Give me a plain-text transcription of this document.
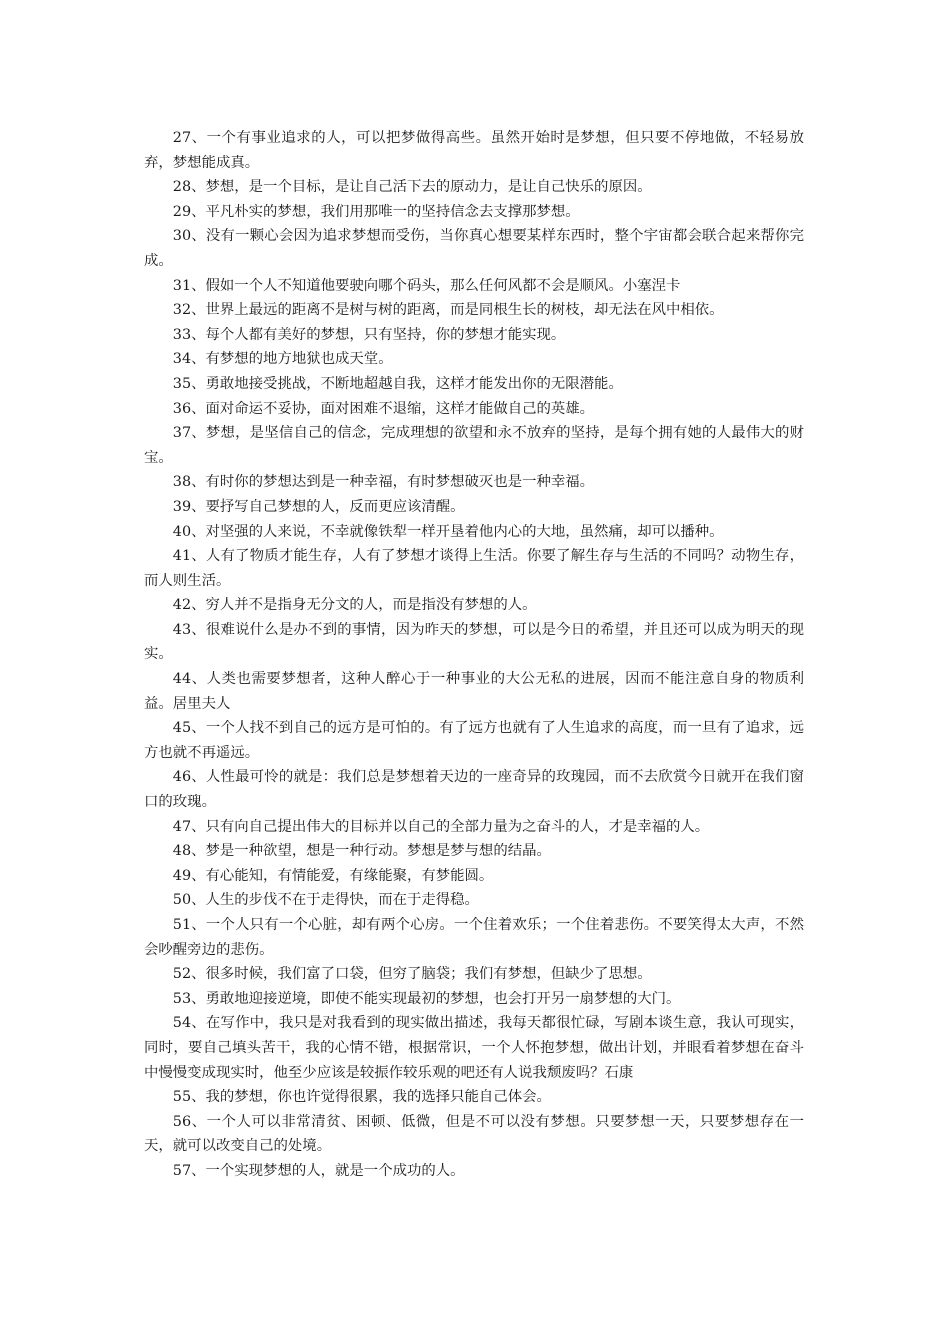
27、一个有事业追求的人，可以把梦做得高些。虽然开始时是梦想，但只要不停地做，不轻易放弃，梦想能成真。

28、梦想，是一个目标，是让自己活下去的原动力，是让自己快乐的原因。

29、平凡朴实的梦想，我们用那唯一的坚持信念去支撑那梦想。

30、没有一颗心会因为追求梦想而受伤，当你真心想要某样东西时，整个宇宙都会联合起来帮你完成。

31、假如一个人不知道他要驶向哪个码头，那么任何风都不会是顺风。小塞涅卡

32、世界上最远的距离不是树与树的距离，而是同根生长的树枝，却无法在风中相依。

33、每个人都有美好的梦想，只有坚持，你的梦想才能实现。

34、有梦想的地方地狱也成天堂。

35、勇敢地接受挑战，不断地超越自我，这样才能发出你的无限潜能。

36、面对命运不妥协，面对困难不退缩，这样才能做自己的英雄。

37、梦想，是坚信自己的信念，完成理想的欲望和永不放弃的坚持，是每个拥有她的人最伟大的财宝。

38、有时你的梦想达到是一种幸福，有时梦想破灭也是一种幸福。

39、要抒写自己梦想的人，反而更应该清醒。

40、对坚强的人来说，不幸就像铁犁一样开垦着他内心的大地，虽然痛，却可以播种。

41、人有了物质才能生存，人有了梦想才谈得上生活。你要了解生存与生活的不同吗？动物生存，而人则生活。

42、穷人并不是指身无分文的人，而是指没有梦想的人。

43、很难说什么是办不到的事情，因为昨天的梦想，可以是今日的希望，并且还可以成为明天的现实。

44、人类也需要梦想者，这种人醉心于一种事业的大公无私的进展，因而不能注意自身的物质利益。居里夫人

45、一个人找不到自己的远方是可怕的。有了远方也就有了人生追求的高度，而一旦有了追求，远方也就不再遥远。

46、人性最可怜的就是：我们总是梦想着天边的一座奇异的玫瑰园，而不去欣赏今日就开在我们窗口的玫瑰。

47、只有向自己提出伟大的目标并以自己的全部力量为之奋斗的人，才是幸福的人。

48、梦是一种欲望，想是一种行动。梦想是梦与想的结晶。

49、有心能知，有情能爱，有缘能聚，有梦能圆。

50、人生的步伐不在于走得快，而在于走得稳。

51、一个人只有一个心脏，却有两个心房。一个住着欢乐；一个住着悲伤。不要笑得太大声，不然会吵醒旁边的悲伤。

52、很多时候，我们富了口袋，但穷了脑袋；我们有梦想，但缺少了思想。

53、勇敢地迎接逆境，即使不能实现最初的梦想，也会打开另一扇梦想的大门。

54、在写作中，我只是对我看到的现实做出描述，我每天都很忙碌，写剧本谈生意，我认可现实，同时，要自己填头苦干，我的心情不错，根据常识，一个人怀抱梦想，做出计划，并眼看着梦想在奋斗中慢慢变成现实时，他至少应该是较振作较乐观的吧还有人说我颓废吗？石康

55、我的梦想，你也许觉得很累，我的选择只能自己体会。

56、一个人可以非常清贫、困顿、低微，但是不可以没有梦想。只要梦想一天，只要梦想存在一天，就可以改变自己的处境。

57、一个实现梦想的人，就是一个成功的人。
